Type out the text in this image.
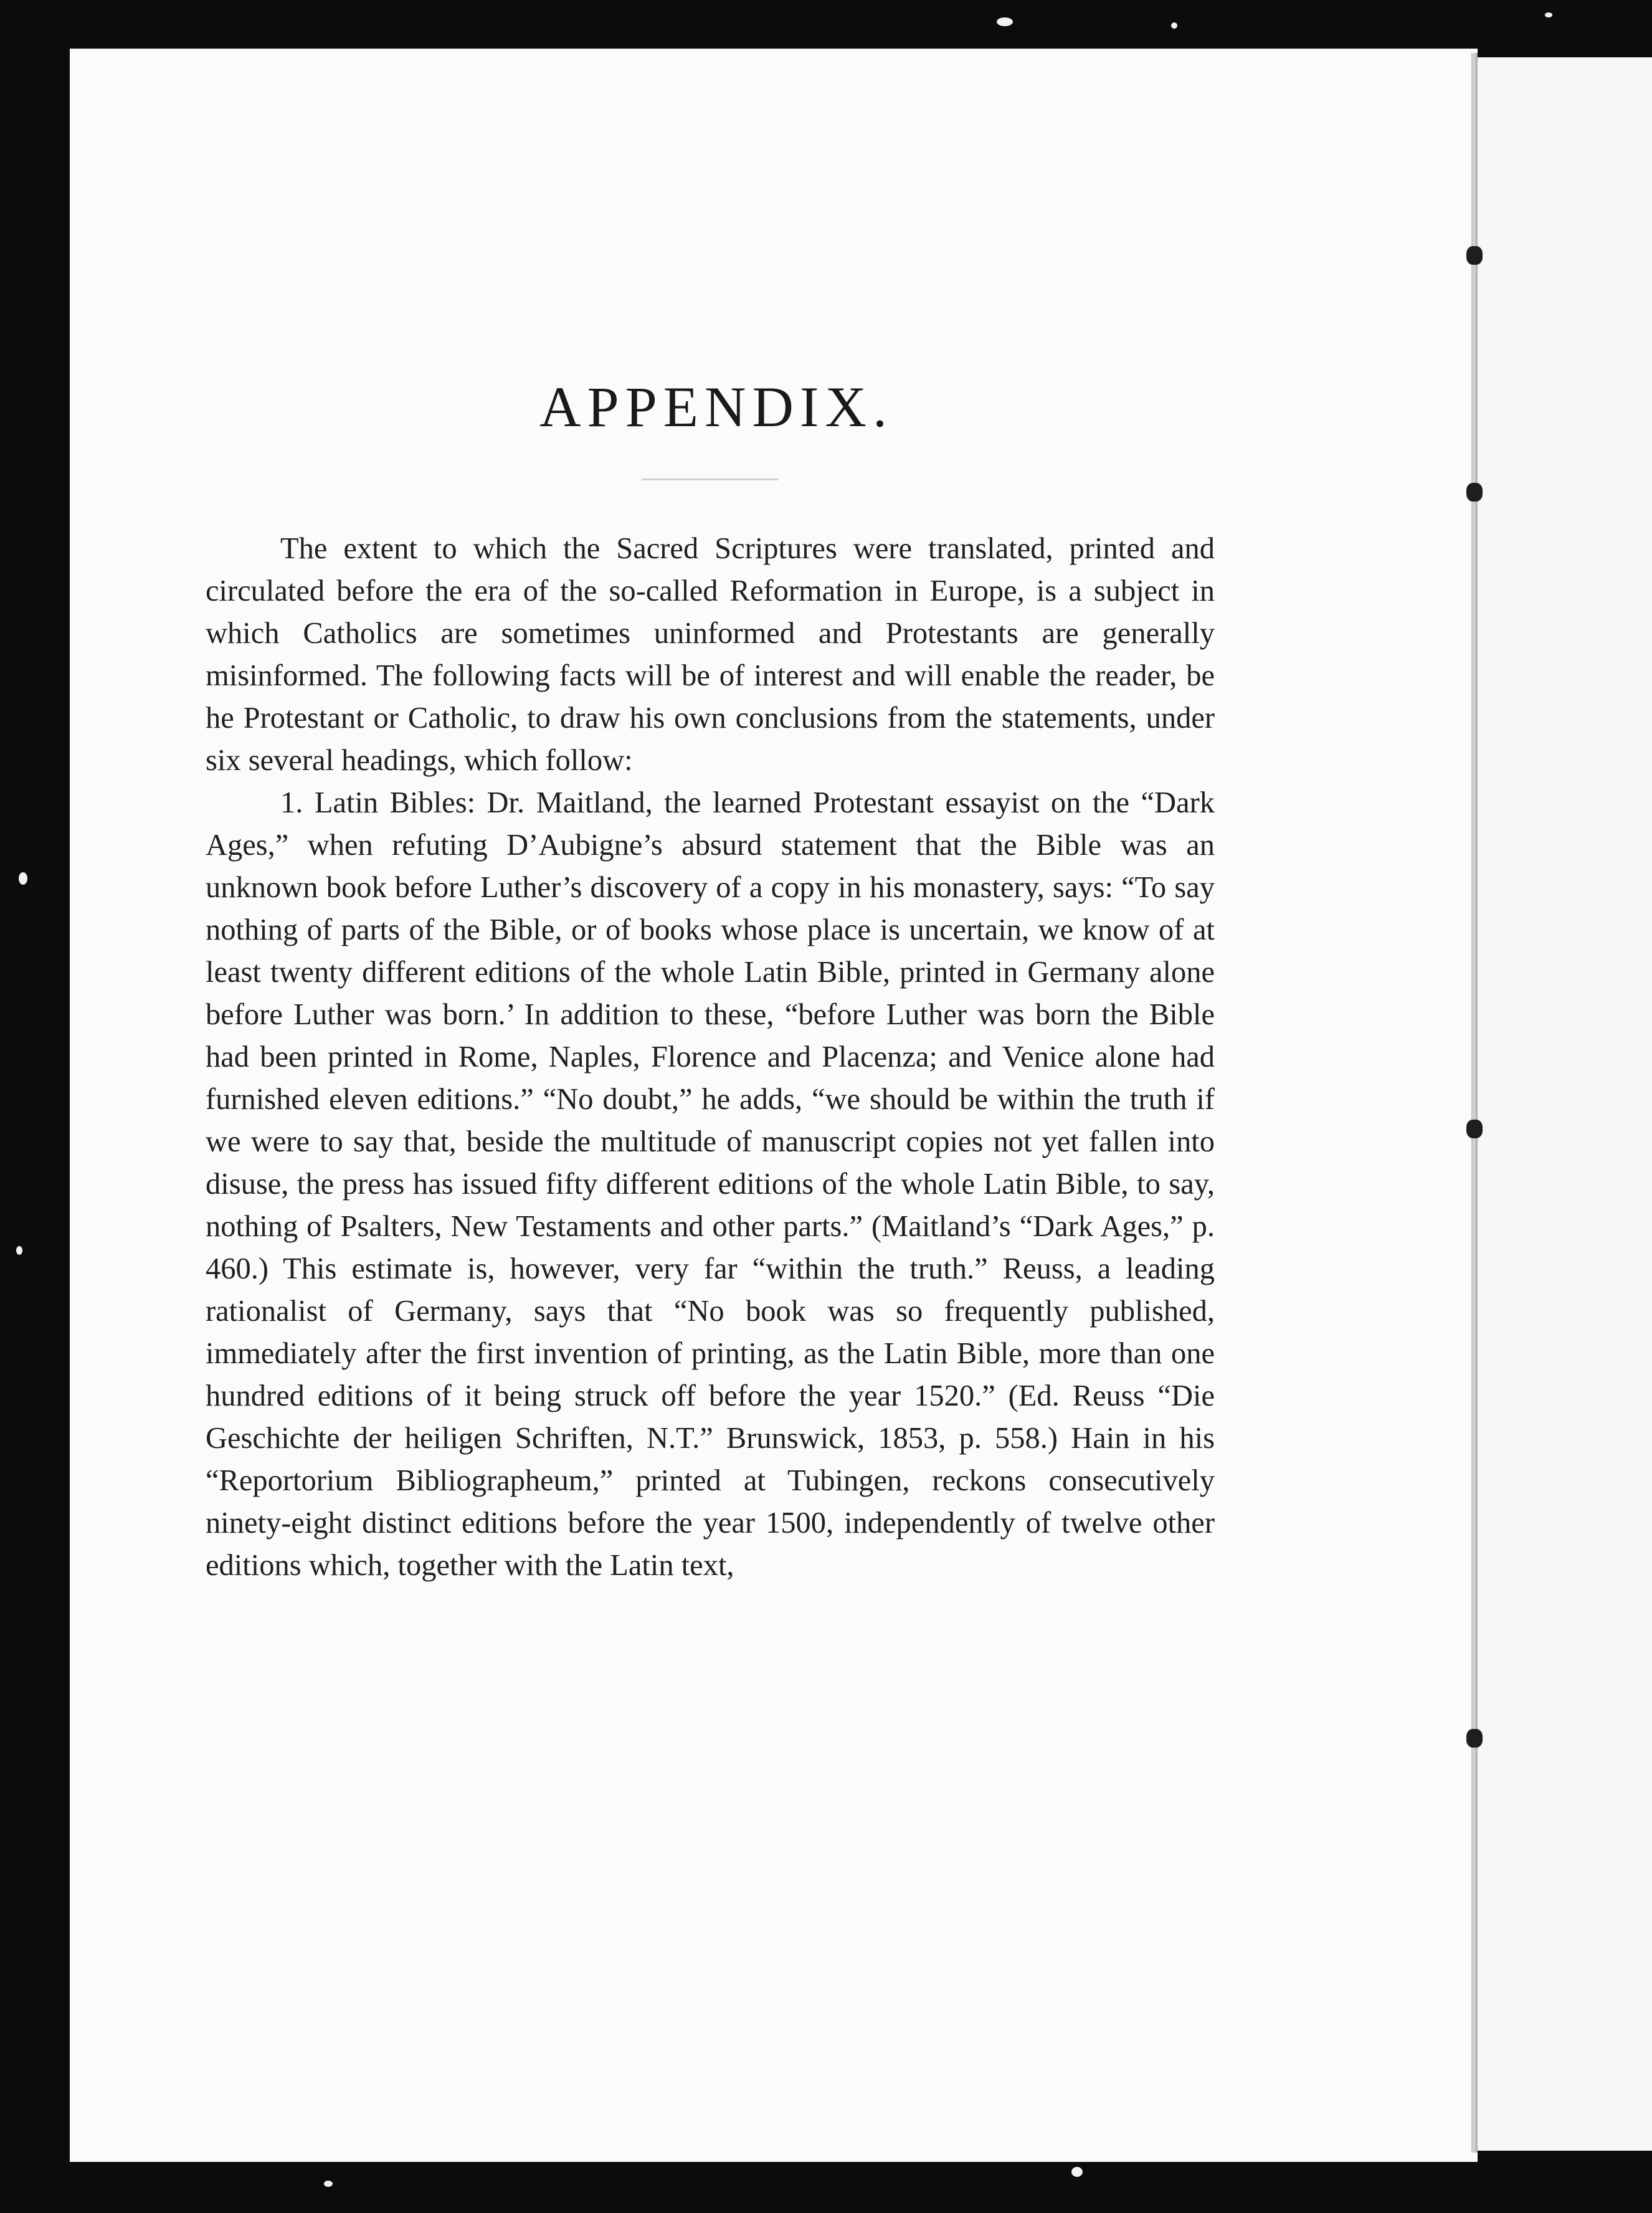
APPENDIX.

The extent to which the Sacred Scriptures were translated, printed and circulated before the era of the so-called Reformation in Europe, is a subject in which Catholics are sometimes uninformed and Protestants are generally misinformed. The following facts will be of interest and will enable the reader, be he Protestant or Catholic, to draw his own conclusions from the statements, under six several headings, which follow:

1. Latin Bibles: Dr. Maitland, the learned Protestant essayist on the “Dark Ages,” when refuting D’Aubigne’s absurd statement that the Bible was an unknown book before Luther’s discovery of a copy in his monastery, says: “To say nothing of parts of the Bible, or of books whose place is uncertain, we know of at least twenty different editions of the whole Latin Bible, printed in Germany alone before Luther was born.’ In addition to these, “before Luther was born the Bible had been printed in Rome, Naples, Florence and Placenza; and Venice alone had furnished eleven editions.” “No doubt,” he adds, “we should be within the truth if we were to say that, beside the multitude of manuscript copies not yet fallen into disuse, the press has issued fifty different editions of the whole Latin Bible, to say, nothing of Psalters, New Testaments and other parts.” (Maitland’s “Dark Ages,” p. 460.) This estimate is, however, very far “within the truth.” Reuss, a leading rationalist of Germany, says that “No book was so frequently published, immediately after the first invention of printing, as the Latin Bible, more than one hundred editions of it being struck off before the year 1520.” (Ed. Reuss “Die Geschichte der heiligen Schriften, N.T.” Brunswick, 1853, p. 558.) Hain in his “Reportorium Bibliographeum,” printed at Tubingen, reckons consecutively ninety-eight distinct editions before the year 1500, independently of twelve other editions which, together with the Latin text,
